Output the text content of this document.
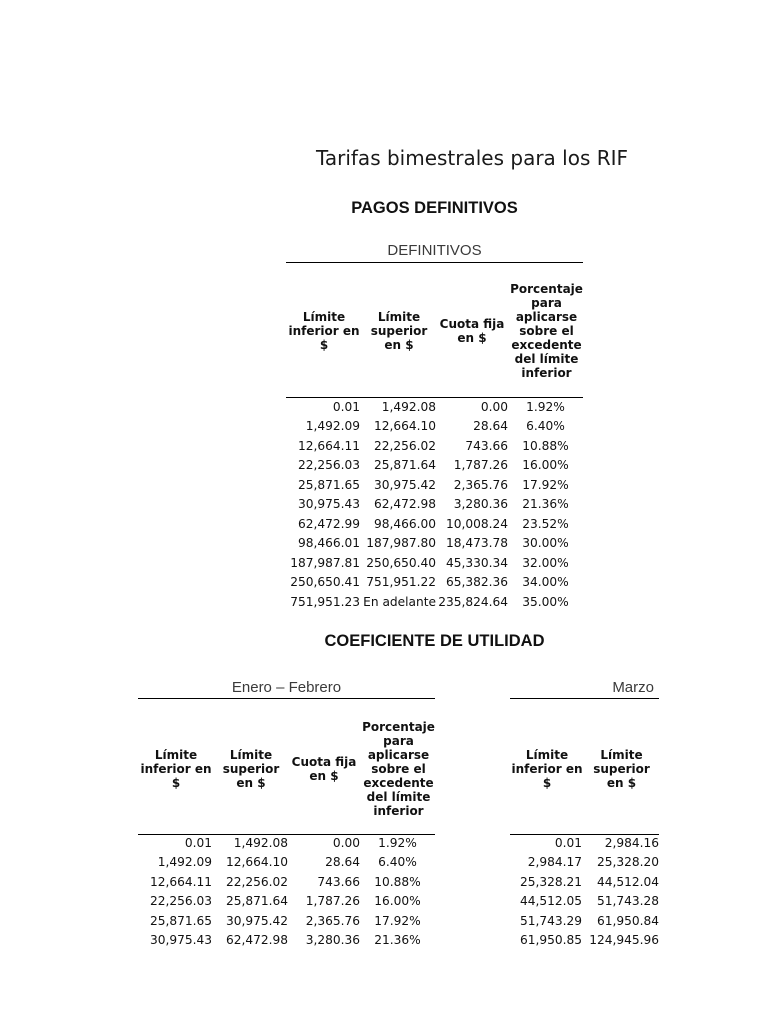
Tarifas bimestrales para los RIF
PAGOS DEFINITIVOS
DEFINITIVOS
Límite inferior en $
Límite superior en $
Cuota fija en $
Porcentaje para aplicarse sobre el excedente del límite inferior
0.01	1,492.08	0.00	1.92%
1,492.09	12,664.10	28.64	6.40%
12,664.11	22,256.02	743.66	10.88%
22,256.03	25,871.64	1,787.26	16.00%
25,871.65	30,975.42	2,365.76	17.92%
30,975.43	62,472.98	3,280.36	21.36%
62,472.99	98,466.00	10,008.24	23.52%
98,466.01	187,987.80	18,473.78	30.00%
187,987.81	250,650.40	45,330.34	32.00%
250,650.41	751,951.22	65,382.36	34.00%
751,951.23	En adelante	235,824.64	35.00%
COEFICIENTE DE UTILIDAD
Enero – Febrero
Límite inferior en $
Límite superior en $
Cuota fija en $
Porcentaje para aplicarse sobre el excedente del límite inferior
0.01	1,492.08	0.00	1.92%
1,492.09	12,664.10	28.64	6.40%
12,664.11	22,256.02	743.66	10.88%
22,256.03	25,871.64	1,787.26	16.00%
25,871.65	30,975.42	2,365.76	17.92%
30,975.43	62,472.98	3,280.36	21.36%
Marzo
Límite inferior en $
Límite superior en $
0.01	2,984.16
2,984.17	25,328.20
25,328.21	44,512.04
44,512.05	51,743.28
51,743.29	61,950.84
61,950.85	124,945.96
